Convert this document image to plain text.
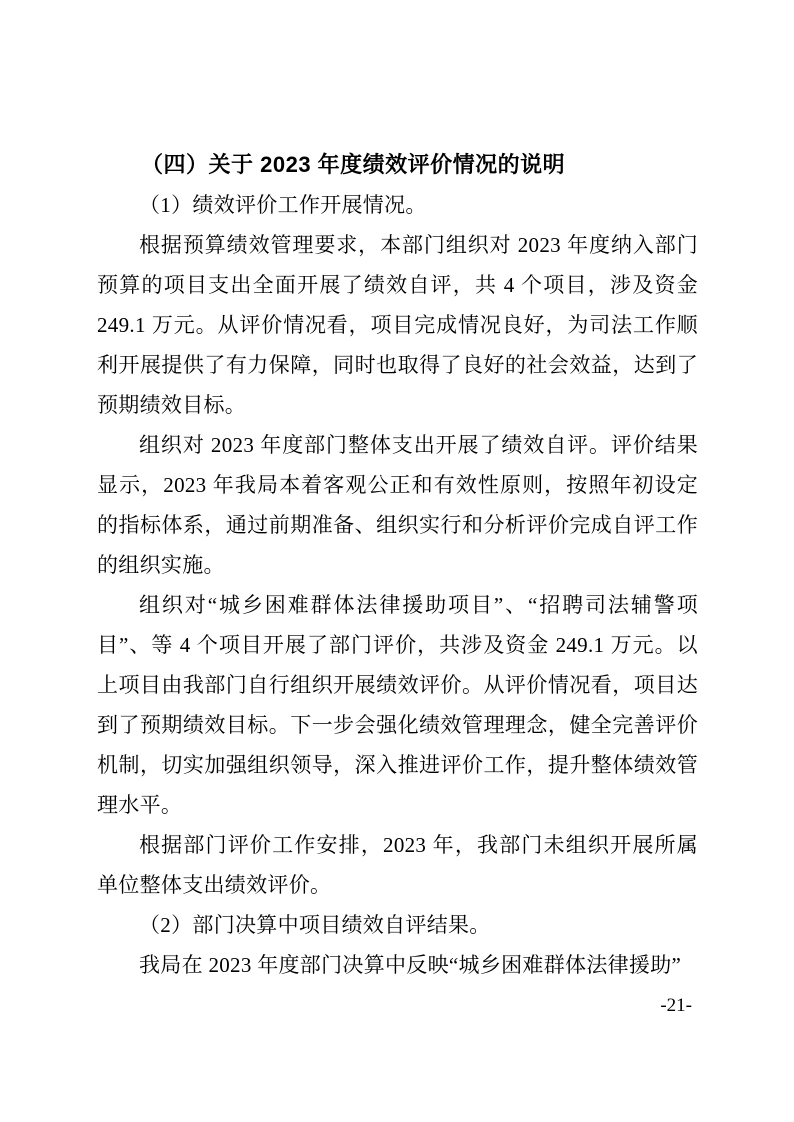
（四）关于 2023 年度绩效评价情况的说明

（1）绩效评价工作开展情况。

根据预算绩效管理要求，本部门组织对 2023 年度纳入部门预算的项目支出全面开展了绩效自评，共 4 个项目，涉及资金 249.1 万元。从评价情况看，项目完成情况良好，为司法工作顺利开展提供了有力保障，同时也取得了良好的社会效益，达到了预期绩效目标。

组织对 2023 年度部门整体支出开展了绩效自评。评价结果显示，2023 年我局本着客观公正和有效性原则，按照年初设定的指标体系，通过前期准备、组织实行和分析评价完成自评工作的组织实施。

组织对“城乡困难群体法律援助项目”、“招聘司法辅警项目”、等 4 个项目开展了部门评价，共涉及资金 249.1 万元。以上项目由我部门自行组织开展绩效评价。从评价情况看，项目达到了预期绩效目标。下一步会强化绩效管理理念，健全完善评价机制，切实加强组织领导，深入推进评价工作，提升整体绩效管理水平。

根据部门评价工作安排，2023 年，我部门未组织开展所属单位整体支出绩效评价。

（2）部门决算中项目绩效自评结果。

我局在 2023 年度部门决算中反映“城乡困难群体法律援助”

-21-
